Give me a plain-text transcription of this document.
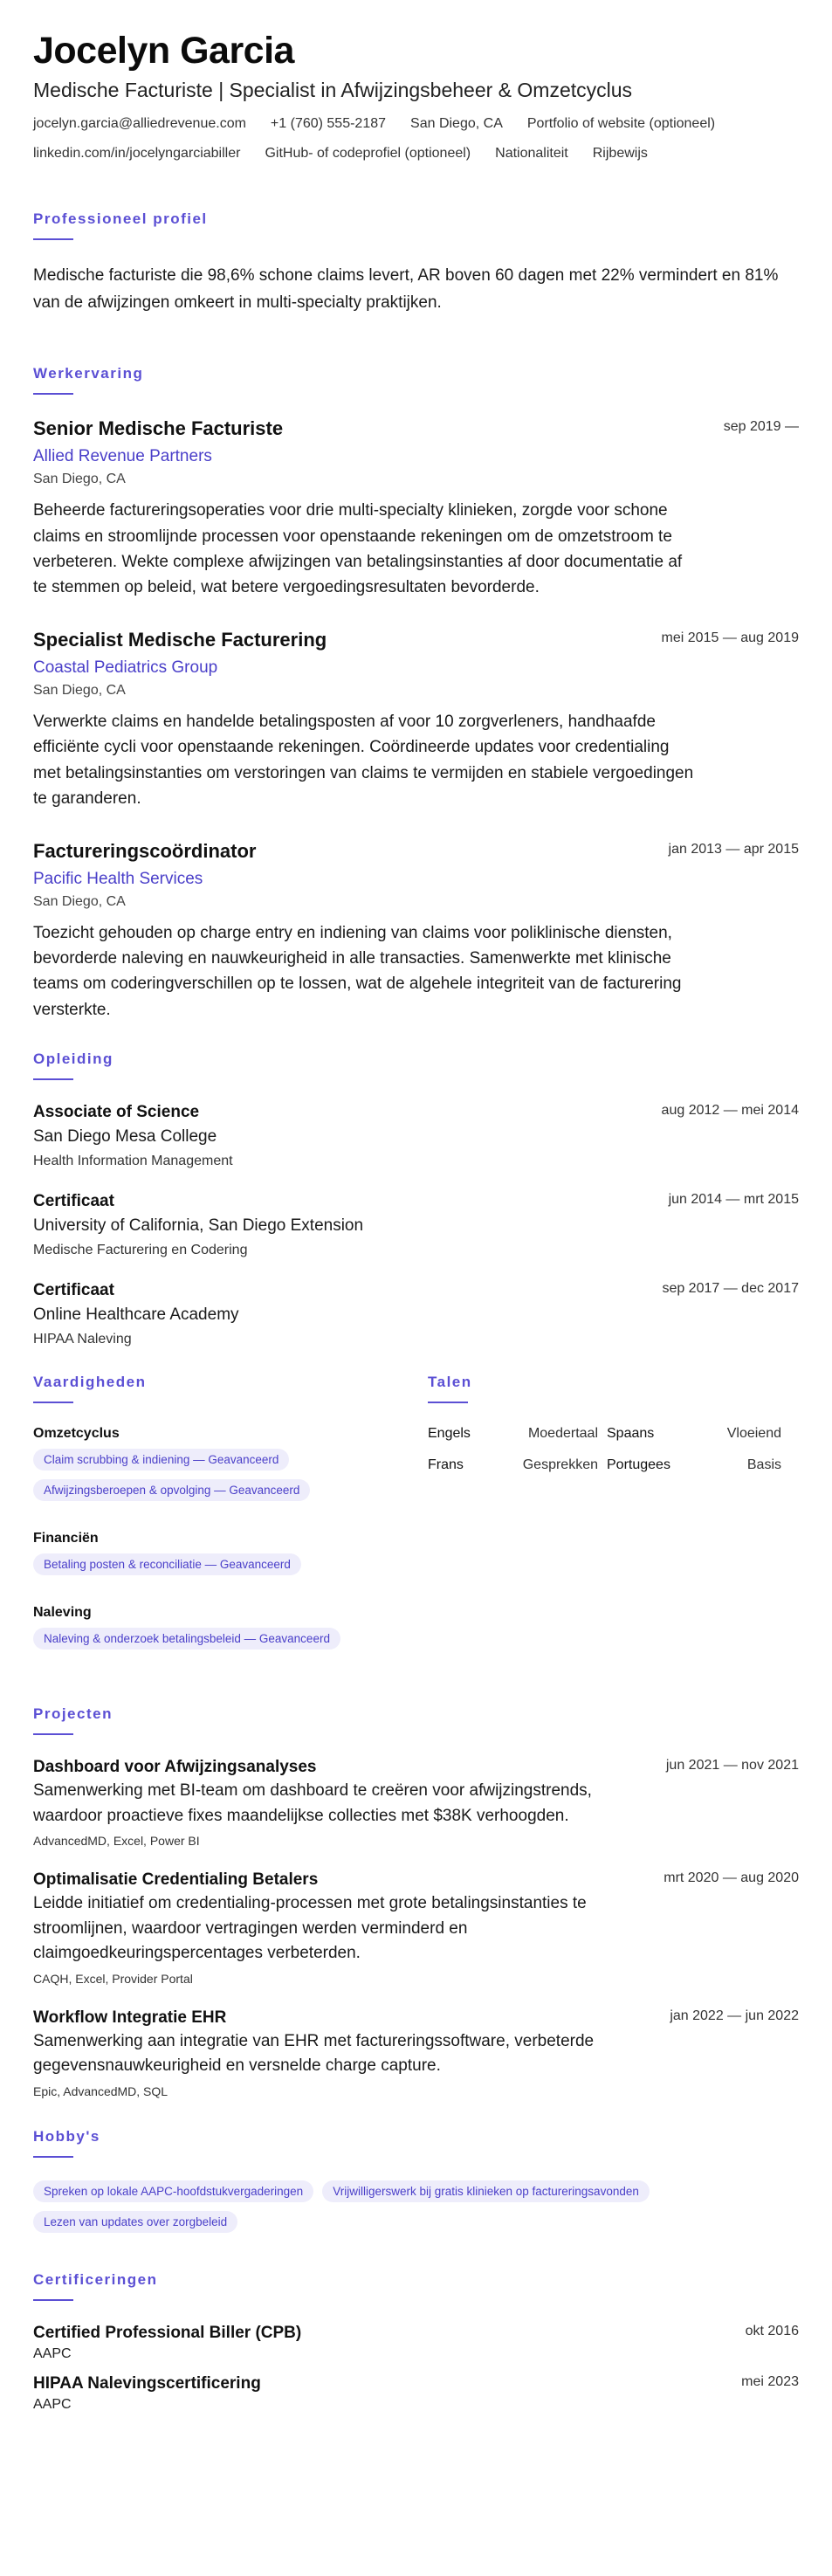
Jocelyn Garcia
Medische Facturiste | Specialist in Afwijzingsbeheer & Omzetcyclus
jocelyn.garcia@alliedrevenue.com +1 (760) 555-2187 San Diego, CA Portfolio of website (optioneel)
linkedin.com/in/jocelyngarciabiller GitHub- of codeprofiel (optioneel) Nationaliteit Rijbewijs
Professioneel profiel

Medische facturiste die 98,6% schone claims levert, AR boven 60 dagen met 22% vermindert en 81% van de afwijzingen omkeert in multi-specialty praktijken.

Werkervaring
Senior Medische Facturiste	sep 2019 —
Allied Revenue Partners
San Diego, CA

Beheerde factureringsoperaties voor drie multi-specialty klinieken, zorgde voor schone claims en stroomlijnde processen voor openstaande rekeningen om de omzetstroom te verbeteren. Wekte complexe afwijzingen van betalingsinstanties af door documentatie af te stemmen op beleid, wat betere vergoedingsresultaten bevorderde.

Specialist Medische Facturering	mei 2015 — aug 2019
Coastal Pediatrics Group
San Diego, CA

Verwerkte claims en handelde betalingsposten af voor 10 zorgverleners, handhaafde efficiënte cycli voor openstaande rekeningen. Coördineerde updates voor credentialing met betalingsinstanties om verstoringen van claims te vermijden en stabiele vergoedingen te garanderen.

Factureringscoördinator	jan 2013 — apr 2015
Pacific Health Services
San Diego, CA

Toezicht gehouden op charge entry en indiening van claims voor poliklinische diensten, bevorderde naleving en nauwkeurigheid in alle transacties. Samenwerkte met klinische teams om coderingverschillen op te lossen, wat de algehele integriteit van de facturering versterkte.

Opleiding
Associate of Science	aug 2012 — mei 2014
San Diego Mesa College
Health Information Management
Certificaat	jun 2014 — mrt 2015
University of California, San Diego Extension
Medische Facturering en Codering
Certificaat	sep 2017 — dec 2017
Online Healthcare Academy
HIPAA Naleving
Vaardigheden
Omzetcyclus
Claim scrubbing & indiening — Geavanceerd
Afwijzingsberoepen & opvolging — Geavanceerd
Financiën
Betaling posten & reconciliatie — Geavanceerd
Naleving
Naleving & onderzoek betalingsbeleid — Geavanceerd
Talen
Engels	Moedertaal Spaans	Vloeiend
Frans	Gesprekken Portugees	Basis
Projecten
Dashboard voor Afwijzingsanalyses	jun 2021 — nov 2021

Samenwerking met BI-team om dashboard te creëren voor afwijzingstrends, waardoor proactieve fixes maandelijkse collecties met $38K verhoogden.

AdvancedMD, Excel, Power BI
Optimalisatie Credentialing Betalers	mrt 2020 — aug 2020

Leidde initiatief om credentialing-processen met grote betalingsinstanties te stroomlijnen, waardoor vertragingen werden verminderd en claimgoedkeuringspercentages verbeterden.

CAQH, Excel, Provider Portal
Workflow Integratie EHR	jan 2022 — jun 2022

Samenwerking aan integratie van EHR met factureringssoftware, verbeterde gegevensnauwkeurigheid en versnelde charge capture.

Epic, AdvancedMD, SQL
Hobby's
Spreken op lokale AAPC-hoofdstukvergaderingen	Vrijwilligerswerk bij gratis klinieken op factureringsavonden
Lezen van updates over zorgbeleid
Certificeringen
Certified Professional Biller (CPB)	okt 2016
AAPC
HIPAA Nalevingscertificering	mei 2023
AAPC
